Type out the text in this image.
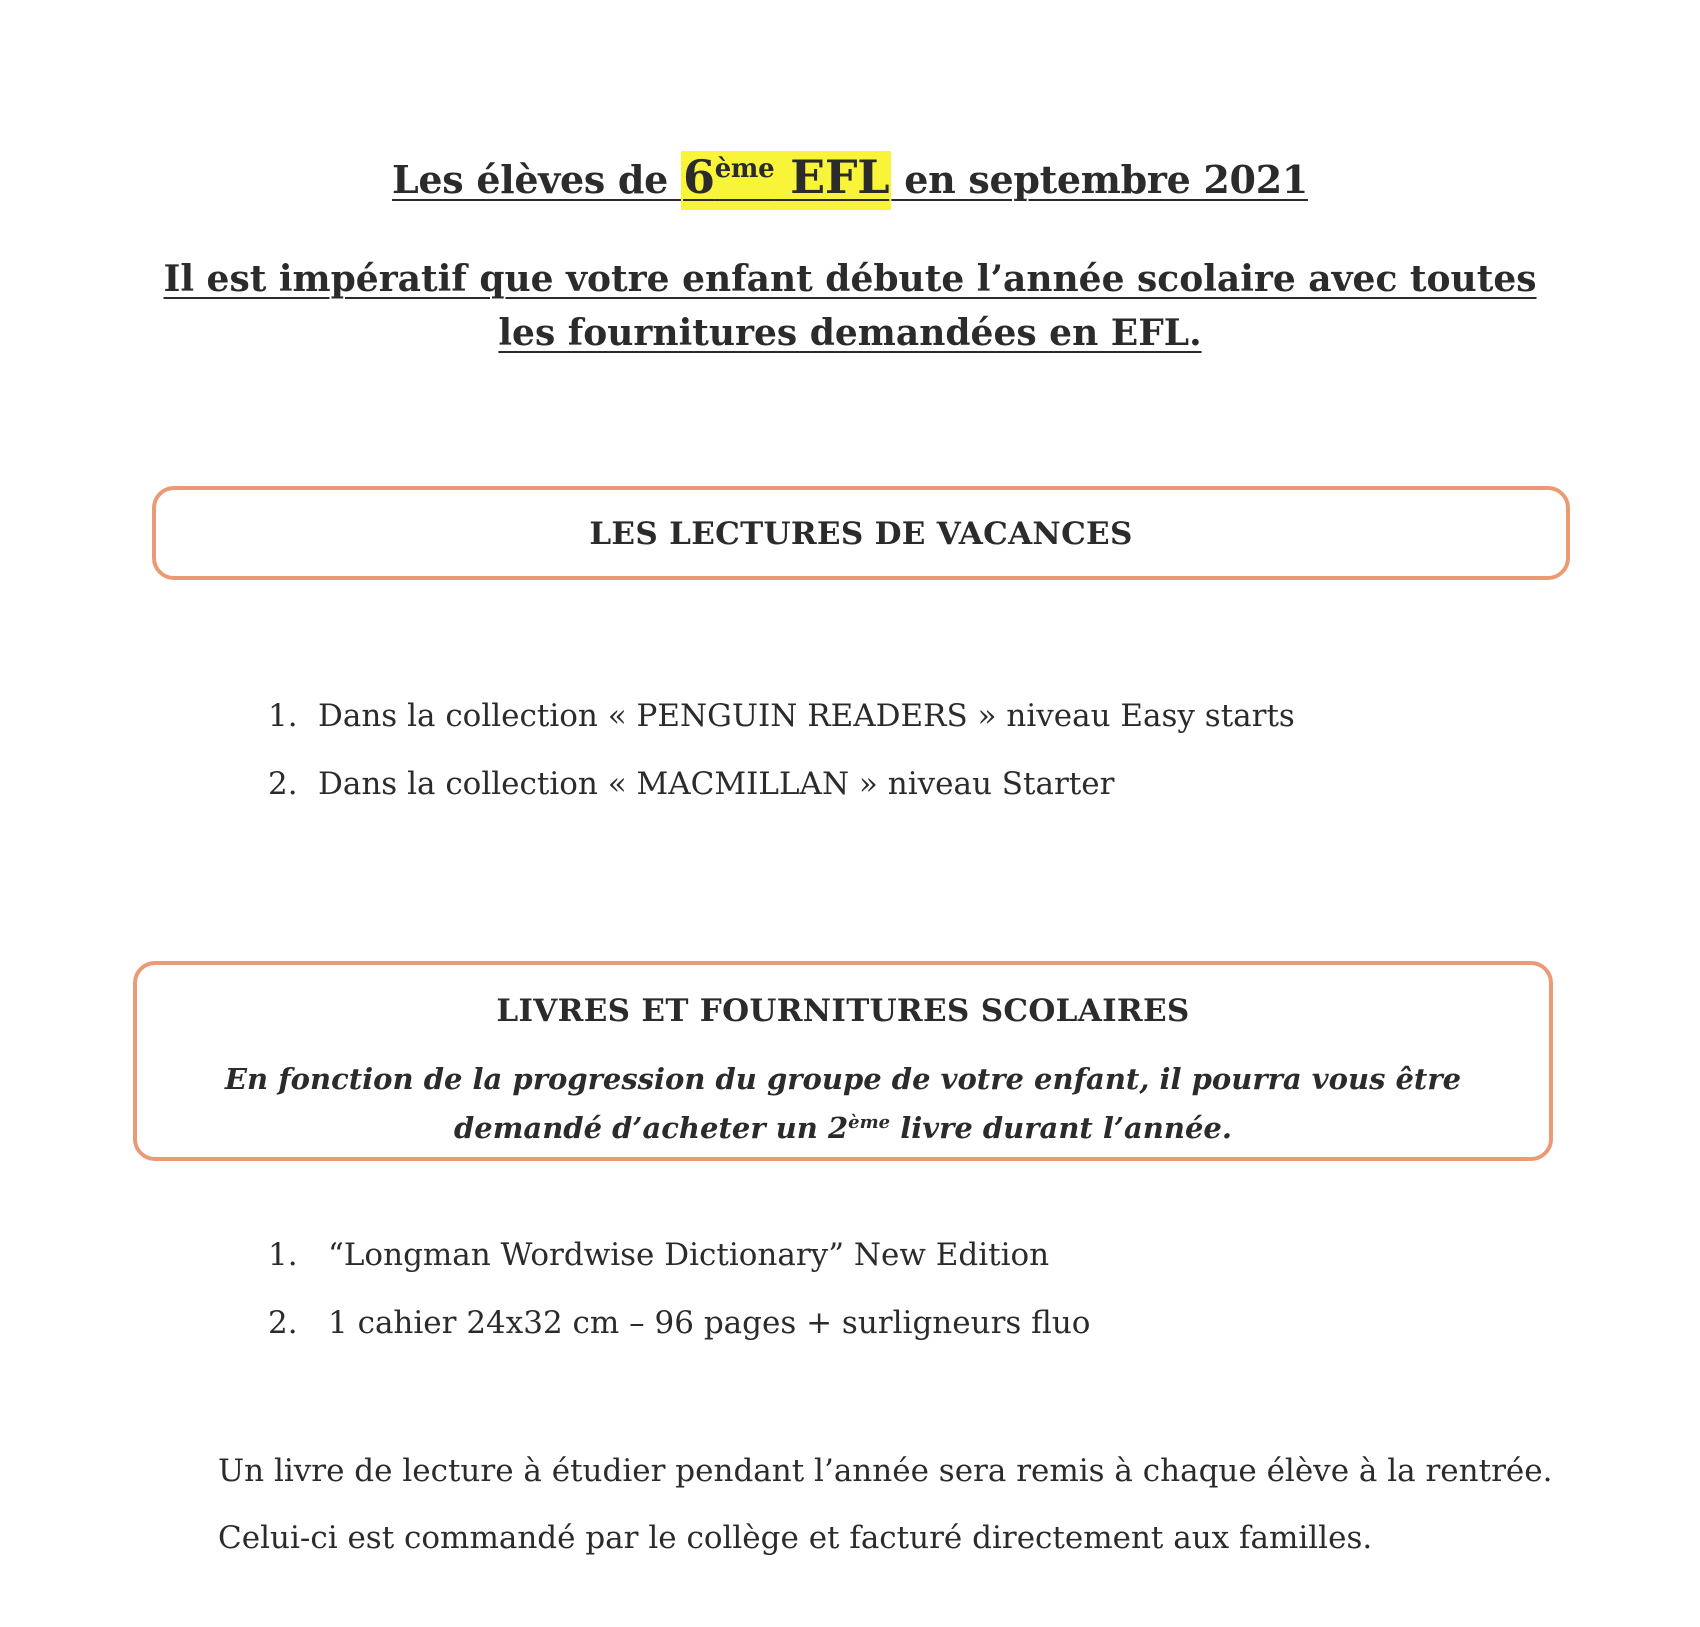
Les élèves de 6ème EFL en septembre 2021
Il est impératif que votre enfant débute l’année scolaire avec toutes les fournitures demandées en EFL.
LES LECTURES DE VACANCES
1. Dans la collection « PENGUIN READERS » niveau Easy starts
2. Dans la collection « MACMILLAN » niveau Starter
LIVRES ET FOURNITURES SCOLAIRES
En fonction de la progression du groupe de votre enfant, il pourra vous être demandé d’acheter un 2ème livre durant l’année.
1. “Longman Wordwise Dictionary” New Edition
2. 1 cahier 24x32 cm – 96 pages + surligneurs fluo
Un livre de lecture à étudier pendant l’année sera remis à chaque élève à la rentrée.
Celui-ci est commandé par le collège et facturé directement aux familles.
